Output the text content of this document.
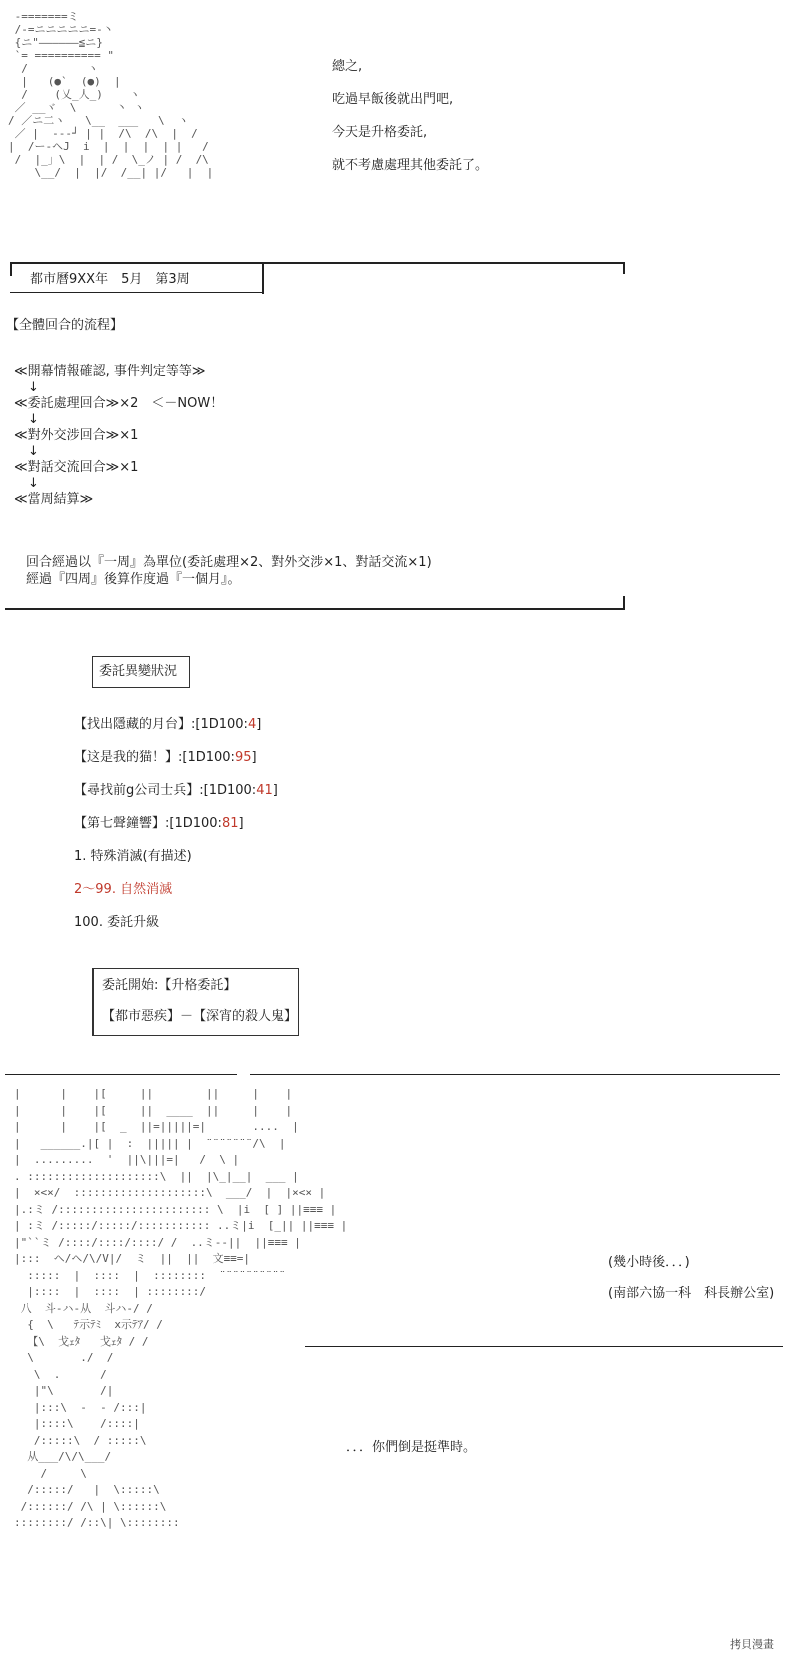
-=======ミ
/-=ニニニニニ=-丶
{ニ"――――――≦ニ}
`= ========== "
/         ヽ
|   (●`  (●)  |
/    (乂_人_)    ヽ
／ __ヾ  \      丶 ヽ
/ ／ニ二ヽ   \__  ___   \  ヽ
／ |  ---┘ | |  /\  /\  |  /
|  /ー-ヘJ  i  |  |  |  | |   /
/  |_」\  |  | /  \_ノ | /  /\
\__/  |  |/  /__| |/   |  |
總之,
吃過早飯後就出門吧,
今天是升格委託,
就不考慮處理其他委託了。
都市曆9XX年　5月　第3周
【全體回合的流程】
≪開幕情報確認, 事件判定等等≫
↓
≪委託處理回合≫×2　＜－NOW！
↓
≪對外交涉回合≫×1
↓
≪對話交流回合≫×1
↓
≪當周結算≫
回合經過以『一周』為單位(委託處理×2、對外交涉×1、對話交流×1)
經過『四周』後算作度過『一個月』。
委託異變狀況
【找出隱藏的月台】:[1D100:4]
【这是我的猫！】:[1D100:95]
【尋找前g公司士兵】:[1D100:41]
【第七聲鐘響】:[1D100:81]
1. 特殊消滅(有描述)
2～99. 自然消滅
100. 委託升級
委託開始:【升格委託】
【都市惡疾】－【深宵的殺人鬼】
|      |    |[     ||        ||     |    |
|      |    |[     ||  ____  ||     |    |
|      |    |[  _  ||=|||||=|       ....  |
|   ______.|[ |  :  ||||| |  ¨¨¨¨¨¨¨/\  |
|  .........  '  ||\|||=|   /  \ |
. ::::::::::::::::::::\  ||  |\_|__|  ___ |
|  ×<×/  ::::::::::::::::::::\  ___/  |  |×<× |
|.:ミ /::::::::::::::::::::::: \  |i  [ ] ||≡≡≡ |
| :ミ /:::::/:::::/::::::::::: ..ミ|i  [_|| ||≡≡≡ |
|"``ミ /::::/::::/::::/ /  ..ミ--||  ||≡≡≡ |
|:::  ヘ/ヘ/\/V|/  ミ  ||  ||  文≡≡=|
:::::  |  ::::  |  ::::::::  ¨¨¨¨¨¨¨¨¨¨
|::::  |  ::::  | ::::::::/
八  斗-ハ-从  斗ハ-/ /
{  \   ﾃ示ﾃﾐ  x示ﾃｱ/ /
【\  戈ｪﾀ   戈ｪﾀ / /
\       ./  /
\  .      /
|"\       /|
|:::\  -  - /:::|
|::::\    /::::|
/:::::\  / :::::\
从___/\/\___/
/     \
/:::::/   |  \:::::\
/::::::/ /\ | \::::::\
::::::::/ /::\| \::::::::
(幾小時後．．．)
(南部六協一科　科長辦公室)
．．．你們倒是挺準時。
拷貝漫畫
